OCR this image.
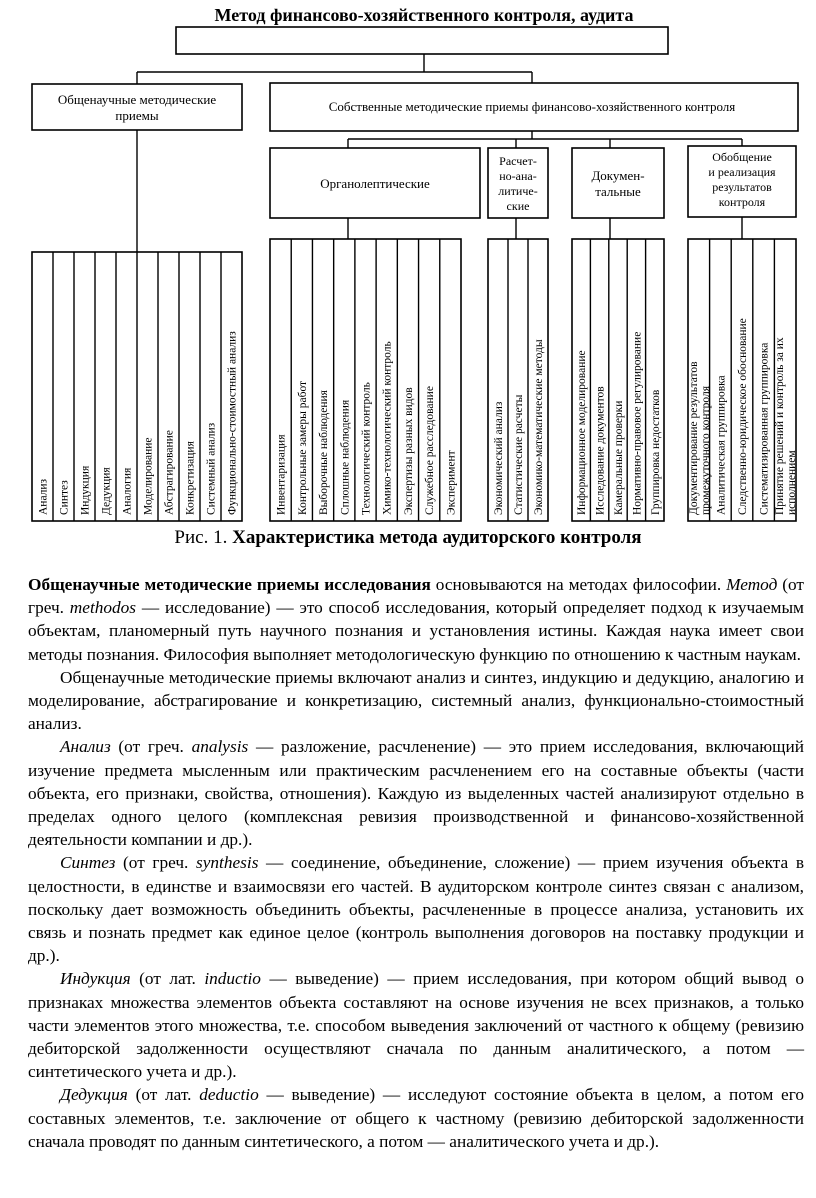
Метод финансово-хозяйственного контроля, аудита
Общенаучные методические
приемы
Собственные методические приемы финансово-хозяйственного контроля
Органолептические
Расчет-
но-ана-
литиче-
ские
Докумен-
тальные
Обобщение
и реализация
результатов
контроля
Анализ Синтез Индукция Дедукция Аналогия Моделирование Абстрагирование Конкретизация Системный анализ Функционально-стоимостный анализ	Инвентаризация Контрольные замеры работ Выборочные наблюдения Сплошные наблюдения Технологический контроль Химико-технологический контроль Экспертизы разных видов Служебное расследование Эксперимент	Экономический анализ Статистические расчеты Экономико-математические методы	Информационное моделирование Исследование документов Камеральные проверки Нормативно-правовое регулирование Группировка недостатков Документирование результатов промежуточного контроля Аналитическая группировка Следственно-юридическое обоснование Систематизированная группировка Принятие решений и контроль за их исполнением
Рис. 1. Характеристика метода аудиторского контроля

Общенаучные методические приемы исследования основываются на методах философии. Метод (от греч. methodos — исследование) — это способ исследования, который определяет подход к изучаемым объектам, планомерный путь научного познания и установления истины. Каждая наука имеет свои методы познания. Философия выполняет методологическую функцию по отношению к частным наукам.

Общенаучные методические приемы включают анализ и синтез, индукцию и дедукцию, аналогию и моделирование, абстрагирование и конкретизацию, системный анализ, функционально-стоимостный анализ.

Анализ (от греч. analysis — разложение, расчленение) — это прием исследования, включающий изучение предмета мысленным или практическим расчленением его на составные объекты (части объекта, его признаки, свойства, отношения). Каждую из выделенных частей анализируют отдельно в пределах одного целого (комплексная ревизия производственной и финансово-хозяйственной деятельности компании и др.).

Синтез (от греч. synthesis — соединение, объединение, сложение) — прием изучения объекта в целостности, в единстве и взаимосвязи его частей. В аудиторском контроле синтез связан с анализом, поскольку дает возможность объединить объекты, расчлененные в процессе анализа, установить их связь и познать предмет как единое целое (контроль выполнения договоров на поставку продукции и др.).

Индукция (от лат. inductio — выведение) — прием исследования, при котором общий вывод о признаках множества элементов объекта составляют на основе изучения не всех признаков, а только части элементов этого множества, т.е. способом выведения заключений от частного к общему (ревизию дебиторской задолженности осуществляют сначала по данным аналитического, а потом — синтетического учета и др.).

Дедукция (от лат. deductio — выведение) — исследуют состояние объекта в целом, а потом его составных элементов, т.е. заключение от общего к частному (ревизию дебиторской задолженности сначала проводят по данным синтетического, а потом — аналитического учета и др.).
